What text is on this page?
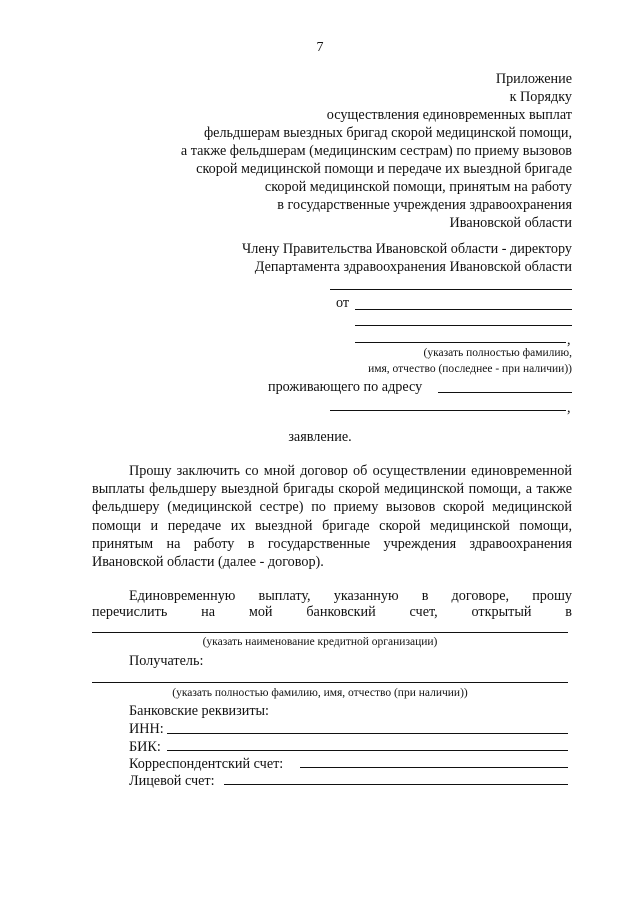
7
Приложение
к Порядку
осуществления единовременных выплат
фельдшерам выездных бригад скорой медицинской помощи,
а также фельдшерам (медицинским сестрам) по приему вызовов
скорой медицинской помощи и передаче их выездной бригаде
скорой медицинской помощи, принятым на работу
в государственные учреждения здравоохранения
Ивановской области
Члену Правительства Ивановской области - директору
Департамента здравоохранения Ивановской области
от
,
(указать полностью фамилию,
имя, отчество (последнее - при наличии))
проживающего по адресу
,
заявление.
Прошу заключить со мной договор об осуществлении единовременной выплаты фельдшеру выездной бригады скорой медицинской помощи, а также фельдшеру (медицинской сестре) по приему вызовов скорой медицинской помощи и передаче их выездной бригаде скорой медицинской помощи, принятым на работу в государственные учреждения здравоохранения Ивановской области (далее - договор).
Единовременную выплату, указанную в договоре, прошу
перечислить на мой банковский счет, открытый в
(указать наименование кредитной организации)
Получатель:
(указать полностью фамилию, имя, отчество (при наличии))
Банковские реквизиты:
ИНН:
БИК:
Корреспондентский счет:
Лицевой счет:
